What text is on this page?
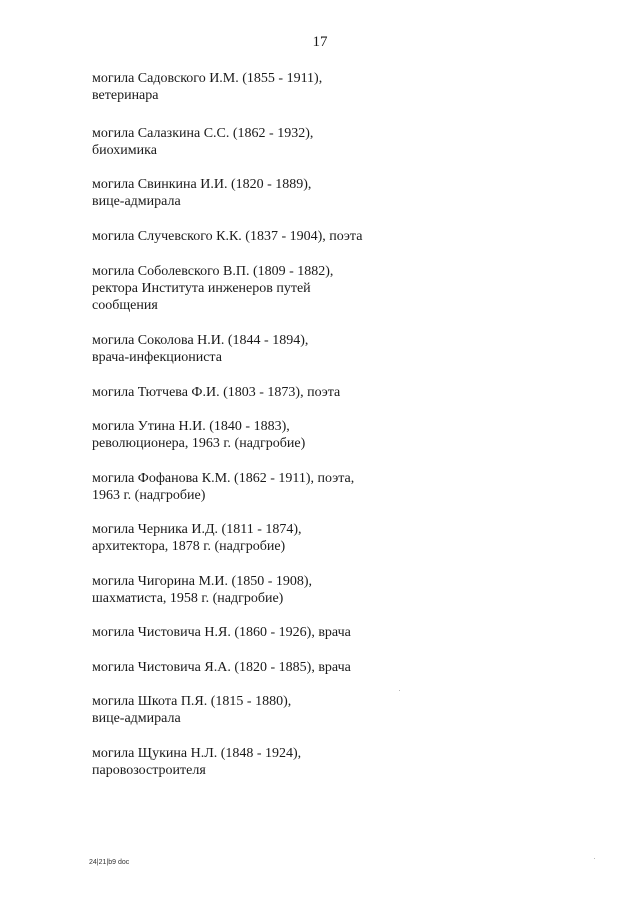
17

могила Садовского И.М. (1855 - 1911),
ветеринара

могила Салазкина С.С. (1862 - 1932),
биохимика

могила Свинкина И.И. (1820 - 1889),
вице-адмирала

могила Случевского К.К. (1837 - 1904), поэта

могила Соболевского В.П. (1809 - 1882),
ректора Института инженеров путей
сообщения

могила Соколова Н.И. (1844 - 1894),
врача-инфекциониста

могила Тютчева Ф.И. (1803 - 1873), поэта

могила Утина Н.И. (1840 - 1883),
революционера, 1963 г. (надгробие)

могила Фофанова К.М. (1862 - 1911), поэта,
1963 г. (надгробие)

могила Черника И.Д. (1811 - 1874),
архитектора, 1878 г. (надгробие)

могила Чигорина М.И. (1850 - 1908),
шахматиста, 1958 г. (надгробие)

могила Чистовича Н.Я. (1860 - 1926), врача

могила Чистовича Я.А. (1820 - 1885), врача

могила Шкота П.Я. (1815 - 1880),
вице-адмирала

могила Щукина Н.Л. (1848 - 1924),
паровозостроителя

24|21|b9 doc
